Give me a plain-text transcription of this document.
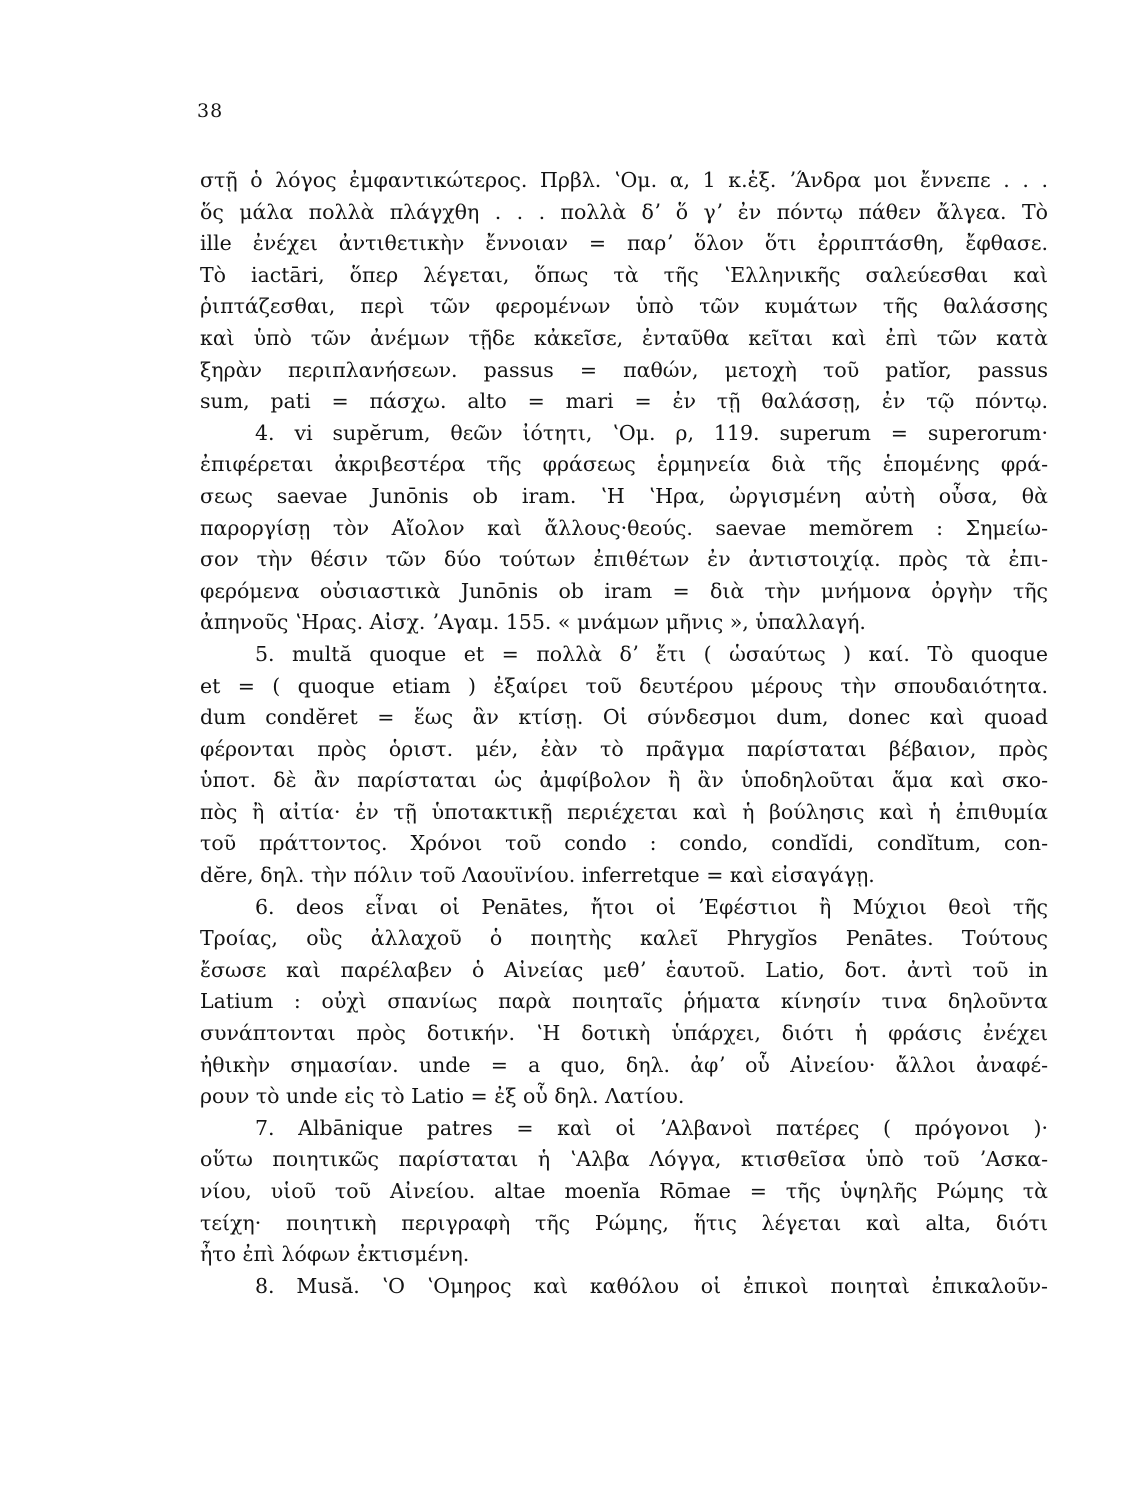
38
στῇ ὁ λόγος ἐμφαντικώτερος. Πρβλ. ʽΟμ. α, 1 κ.ἑξ. ʼΆνδρα μοι ἔννεπε . . .
ὅς μάλα πολλὰ πλάγχθη . . . πολλὰ δʼ ὅ γʼ ἐν πόντῳ πάθεν ἄλγεα. Τὸ
ille ἐνέχει ἀντιθετικὴν ἔννοιαν = παρʼ ὅλον ὅτι ἐρριπτάσθη, ἔφθασε.
Τὸ iactāri, ὅπερ λέγεται, ὅπως τὰ τῆς ʽΕλληνικῆς σαλεύεσθαι καὶ
ῥιπτάζεσθαι, περὶ τῶν φερομένων ὑπὸ τῶν κυμάτων τῆς θαλάσσης
καὶ ὑπὸ τῶν ἀνέμων τῇδε κἀκεῖσε, ἐνταῦθα κεῖται καὶ ἐπὶ τῶν κατὰ
ξηρὰν περιπλανήσεων. passus = παθών, μετοχὴ τοῦ patĭor, passus
sum, pati = πάσχω. alto = mari = ἐν τῇ θαλάσσῃ, ἐν τῷ πόντῳ.
4. vi supĕrum, θεῶν ἰότητι, ʽΟμ. ρ, 119. superum = superorum·
ἐπιφέρεται ἀκριβεστέρα τῆς φράσεως ἑρμηνεία διὰ τῆς ἑπομένης φρά-
σεως saevae Junōnis ob iram. ʽΗ ʽΗρα, ὠργισμένη αὐτὴ οὖσα, θὰ
παροργίσῃ τὸν Αἴολον καὶ ἄλλους·θεούς. saevae memŏrem : Σημείω-
σον τὴν θέσιν τῶν δύο τούτων ἐπιθέτων ἐν ἀντιστοιχίᾳ. πρὸς τὰ ἐπι-
φερόμενα οὐσιαστικὰ Junōnis ob iram = διὰ τὴν μνήμονα ὀργὴν τῆς
ἀπηνοῦς ʽΗρας. Αἰσχ. ʼΑγαμ. 155. « μνάμων μῆνις », ὑπαλλαγή.
5. multă quoque et = πολλὰ δʼ ἔτι ( ὡσαύτως ) καί. Τὸ quoque
et = ( quoque etiam ) ἐξαίρει τοῦ δευτέρου μέρους τὴν σπουδαιότητα.
dum condĕret = ἕως ἂν κτίσῃ. Οἱ σύνδεσμοι dum, donec καὶ quoad
φέρονται πρὸς ὁριστ. μέν, ἐὰν τὸ πρᾶγμα παρίσταται βέβαιον, πρὸς
ὑποτ. δὲ ἂν παρίσταται ὡς ἀμφίβολον ἢ ἂν ὑποδηλοῦται ἅμα καὶ σκο-
πὸς ἢ αἰτία· ἐν τῇ ὑποτακτικῇ περιέχεται καὶ ἡ βούλησις καὶ ἡ ἐπιθυμία
τοῦ πράττοντος. Χρόνοι τοῦ condo : condo, condĭdi, condĭtum, con-
dĕre, δηλ. τὴν πόλιν τοῦ Λαουϊνίου. inferretque = καὶ εἰσαγάγῃ.
6. deos εἶναι οἱ Penātes, ἤτοι οἱ ʼΕφέστιοι ἢ Μύχιοι θεοὶ τῆς
Τροίας, οὓς ἀλλαχοῦ ὁ ποιητὴς καλεῖ Phrygĭos Penātes. Τούτους
ἔσωσε καὶ παρέλαβεν ὁ Αἰνείας μεθʼ ἑαυτοῦ. Latio, δοτ. ἀντὶ τοῦ in
Latium : οὐχὶ σπανίως παρὰ ποιηταῖς ῥήματα κίνησίν τινα δηλοῦντα
συνάπτονται πρὸς δοτικήν. ʽΗ δοτικὴ ὑπάρχει, διότι ἡ φράσις ἐνέχει
ἠθικὴν σημασίαν. unde = a quo, δηλ. ἀφʼ οὗ Αἰνείου· ἄλλοι ἀναφέ-
ρουν τὸ unde εἰς τὸ Latio = ἐξ οὗ δηλ. Λατίου.
7. Albānique patres = καὶ οἱ ʼΑλβανοὶ πατέρες ( πρόγονοι )·
οὕτω ποιητικῶς παρίσταται ἡ ʽΑλβα Λόγγα, κτισθεῖσα ὑπὸ τοῦ ʼΑσκα-
νίου, υἱοῦ τοῦ Αἰνείου. altae moenĭa Rōmae = τῆς ὑψηλῆς Ρώμης τὰ
τείχη· ποιητικὴ περιγραφὴ τῆς Ρώμης, ἥτις λέγεται καὶ alta, διότι
ἦτο ἐπὶ λόφων ἐκτισμένη.
8. Musă. ʽΟ ʽΟμηρος καὶ καθόλου οἱ ἐπικοὶ ποιηταὶ ἐπικαλοῦν-
